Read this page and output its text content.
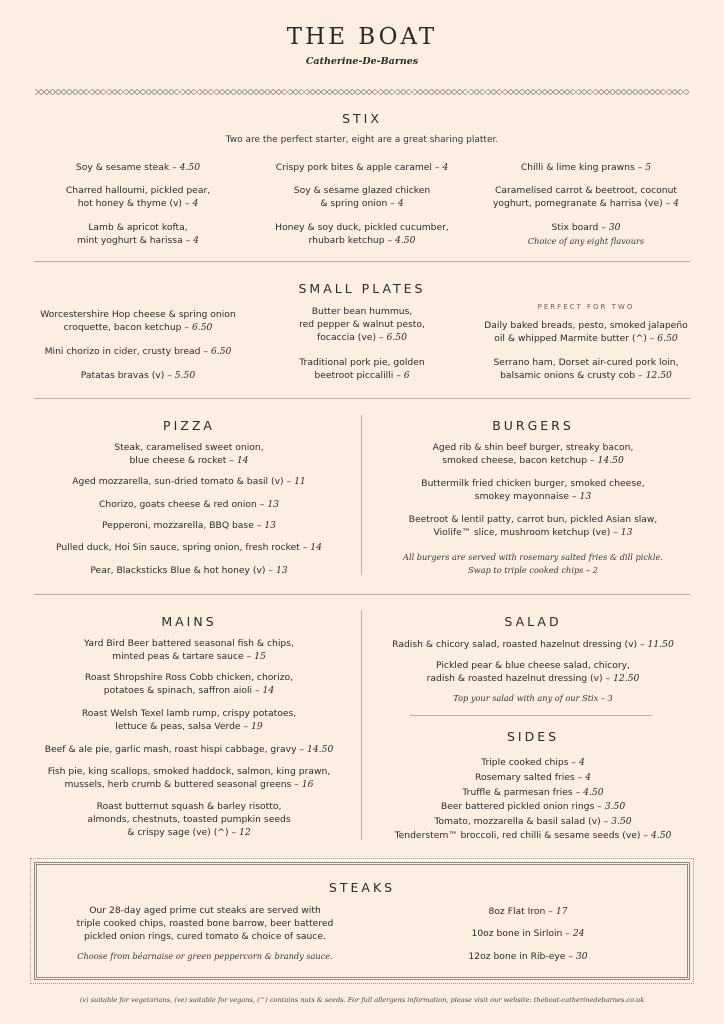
THE BOAT
Catherine-De-Barnes
STIX
Two are the perfect starter, eight are a great sharing platter.
Soy & sesame steak – 4.50
Charred halloumi, pickled pear,
hot honey & thyme (v) – 4
Lamb & apricot kofta,
mint yoghurt & harissa – 4
Crispy pork bites & apple caramel – 4
Soy & sesame glazed chicken
& spring onion – 4
Honey & soy duck, pickled cucumber,
rhubarb ketchup – 4.50
Chilli & lime king prawns – 5
Caramelised carrot & beetroot, coconut
yoghurt, pomegranate & harrisa (ve) – 4
Stix board – 30
Choice of any eight flavours
SMALL PLATES
Worcestershire Hop cheese & spring onion
croquette, bacon ketchup – 6.50
Mini chorizo in cider, crusty bread – 6.50
Patatas bravas (v) – 5.50
Butter bean hummus,
red pepper & walnut pesto,
focaccia (ve) – 6.50
Traditional pork pie, golden
beetroot piccalilli – 6
PERFECT FOR TWO
Daily baked breads, pesto, smoked jalapeño
oil & whipped Marmite butter (^) – 6.50
Serrano ham, Dorset air-cured pork loin,
balsamic onions & crusty cob – 12.50
PIZZA
Steak, caramelised sweet onion,
blue cheese & rocket – 14
Aged mozzarella, sun-dried tomato & basil (v) – 11
Chorizo, goats cheese & red onion – 13
Pepperoni, mozzarella, BBQ base – 13
Pulled duck, Hoi Sin sauce, spring onion, fresh rocket – 14
Pear, Blacksticks Blue & hot honey (v) – 13
BURGERS
Aged rib & shin beef burger, streaky bacon,
smoked cheese, bacon ketchup – 14.50
Buttermilk fried chicken burger, smoked cheese,
smokey mayonnaise – 13
Beetroot & lentil patty, carrot bun, pickled Asian slaw,
Violife™ slice, mushroom ketchup (ve) – 13
All burgers are served with rosemary salted fries & dill pickle.
Swap to triple cooked chips – 2
MAINS
Yard Bird Beer battered seasonal fish & chips,
minted peas & tartare sauce – 15
Roast Shropshire Ross Cobb chicken, chorizo,
potatoes & spinach, saffron aioli – 14
Roast Welsh Texel lamb rump, crispy potatoes,
lettuce & peas, salsa Verde – 19
Beef & ale pie, garlic mash, roast hispi cabbage, gravy – 14.50
Fish pie, king scallops, smoked haddock, salmon, king prawn,
mussels, herb crumb & buttered seasonal greens – 16
Roast butternut squash & barley risotto,
almonds, chestnuts, toasted pumpkin seeds
& crispy sage (ve) (^) – 12
SALAD
Radish & chicory salad, roasted hazelnut dressing (v) – 11.50
Pickled pear & blue cheese salad, chicory,
radish & roasted hazelnut dressing (v) – 12.50
Top your salad with any of our Stix – 3
SIDES
Triple cooked chips – 4
Rosemary salted fries – 4
Truffle & parmesan fries – 4.50
Beer battered pickled onion rings – 3.50
Tomato, mozzarella & basil salad (v) – 3.50
Tenderstem™ broccoli, red chilli & sesame seeds (ve) – 4.50
STEAKS
Our 28-day aged prime cut steaks are served with
triple cooked chips, roasted bone barrow, beer battered
pickled onion rings, cured tomato & choice of sauce.
Choose from béarnaise or green peppercorn & brandy sauce.
8oz Flat Iron – 17
10oz bone in Sirloin – 24
12oz bone in Rib-eye – 30
(v) suitable for vegetarians, (ve) suitable for vegans, (^) contains nuts & seeds. For full allergens information, please visit our website: theboat-catherinedebarnes.co.uk
